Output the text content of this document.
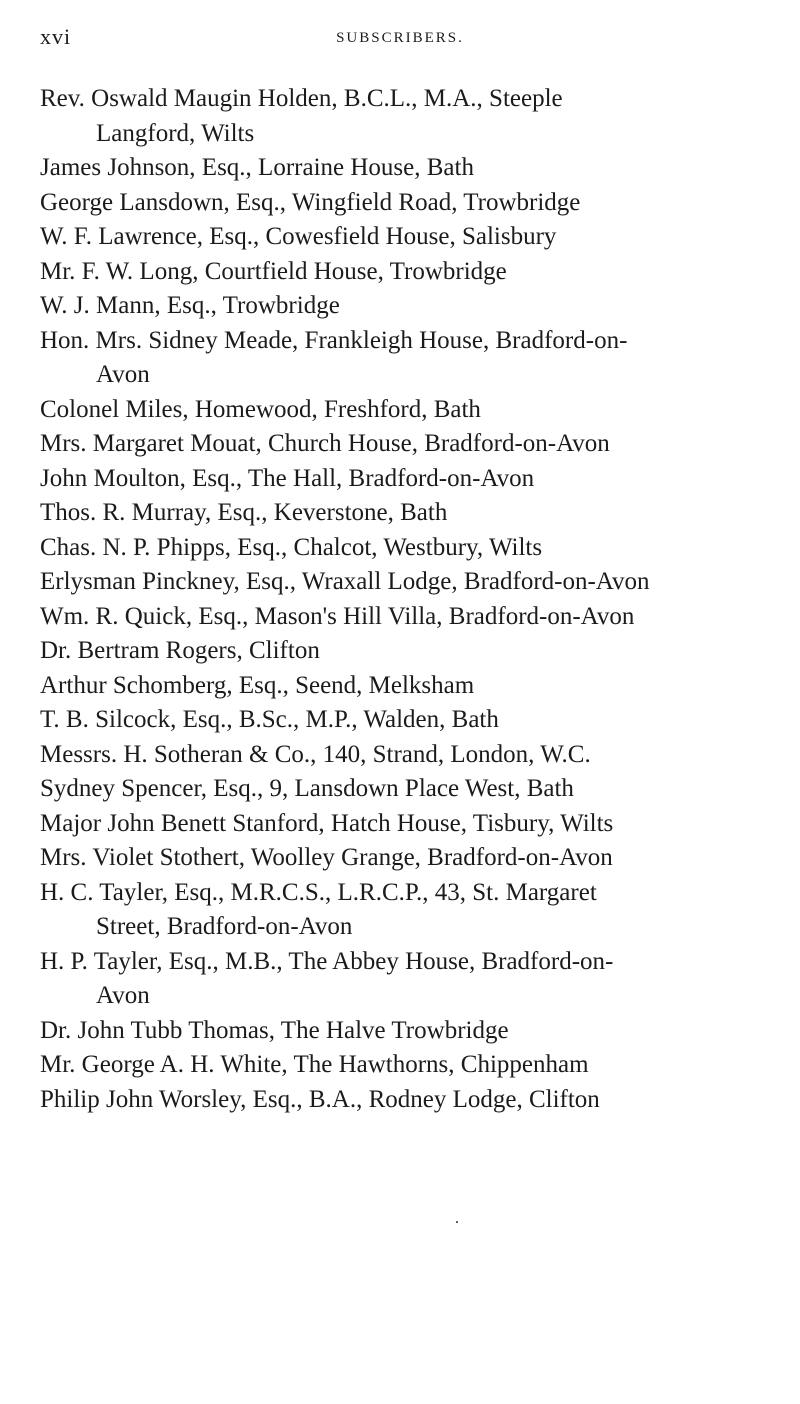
xvi	SUBSCRIBERS.
Rev. Oswald Maugin Holden, B.C.L., M.A., Steeple
Langford, Wilts
James Johnson, Esq., Lorraine House, Bath
George Lansdown, Esq., Wingfield Road, Trowbridge
W. F. Lawrence, Esq., Cowesfield House, Salisbury
Mr. F. W. Long, Courtfield House, Trowbridge
W. J. Mann, Esq., Trowbridge
Hon. Mrs. Sidney Meade, Frankleigh House, Bradford-on-
Avon
Colonel Miles, Homewood, Freshford, Bath
Mrs. Margaret Mouat, Church House, Bradford-on-Avon
John Moulton, Esq., The Hall, Bradford-on-Avon
Thos. R. Murray, Esq., Keverstone, Bath
Chas. N. P. Phipps, Esq., Chalcot, Westbury, Wilts
Erlysman Pinckney, Esq., Wraxall Lodge, Bradford-on-Avon
Wm. R. Quick, Esq., Mason's Hill Villa, Bradford-on-Avon
Dr. Bertram Rogers, Clifton
Arthur Schomberg, Esq., Seend, Melksham
T. B. Silcock, Esq., B.Sc., M.P., Walden, Bath
Messrs. H. Sotheran & Co., 140, Strand, London, W.C.
Sydney Spencer, Esq., 9, Lansdown Place West, Bath
Major John Benett Stanford, Hatch House, Tisbury, Wilts
Mrs. Violet Stothert, Woolley Grange, Bradford-on-Avon
H. C. Tayler, Esq., M.R.C.S., L.R.C.P., 43, St. Margaret
Street, Bradford-on-Avon
H. P. Tayler, Esq., M.B., The Abbey House, Bradford-on-
Avon
Dr. John Tubb Thomas, The Halve Trowbridge
Mr. George A. H. White, The Hawthorns, Chippenham
Philip John Worsley, Esq., B.A., Rodney Lodge, Clifton
.
